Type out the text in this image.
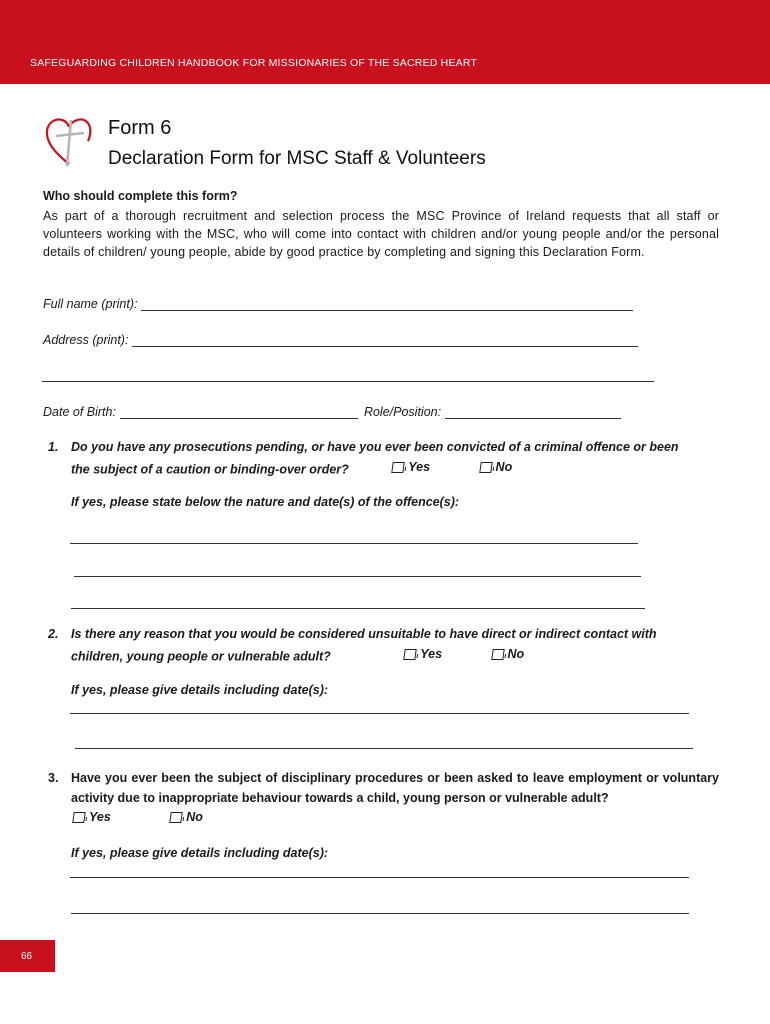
SAFEGUARDING CHILDREN HANDBOOK FOR MISSIONARIES OF THE SACRED HEART
Form 6
Declaration Form for MSC Staff & Volunteers
Who should complete this form?
As part of a thorough recruitment and selection process the MSC Province of Ireland requests that all staff or volunteers working with the MSC, who will come into contact with children and/or young people and/or the personal details of children/ young people, abide by good practice by completing and signing this Declaration Form.
Full name (print):
Address (print):
Date of Birth:	Role/Position:
1. Do you have any prosecutions pending, or have you ever been convicted of a criminal offence or been
the subject of a caution or binding-over order?	Yes
	No
If yes, please state below the nature and date(s) of the offence(s):
2. Is there any reason that you would be considered unsuitable to have direct or indirect contact with
children, young people or vulnerable adult?	Yes
	No
If yes, please give details including date(s):
3. Have you ever been the subject of disciplinary procedures or been asked to leave employment or voluntary activity due to inappropriate behaviour towards a child, young person or vulnerable adult?
Yes
	No
If yes, please give details including date(s):
66
